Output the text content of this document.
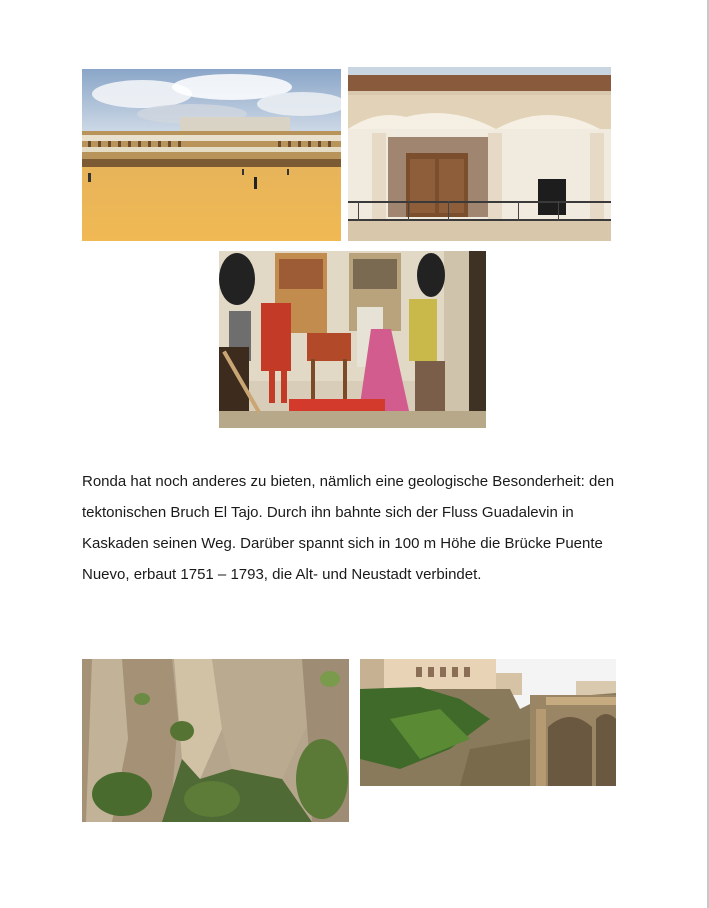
Ronda hat noch anderes zu bieten, nämlich eine geologische Besonderheit: den
tektonischen Bruch El Tajo. Durch ihn bahnte sich der Fluss Guadalevin in
Kaskaden seinen Weg. Darüber spannt sich in 100 m Höhe die Brücke Puente
Nuevo, erbaut 1751 – 1793, die Alt- und Neustadt verbindet.
